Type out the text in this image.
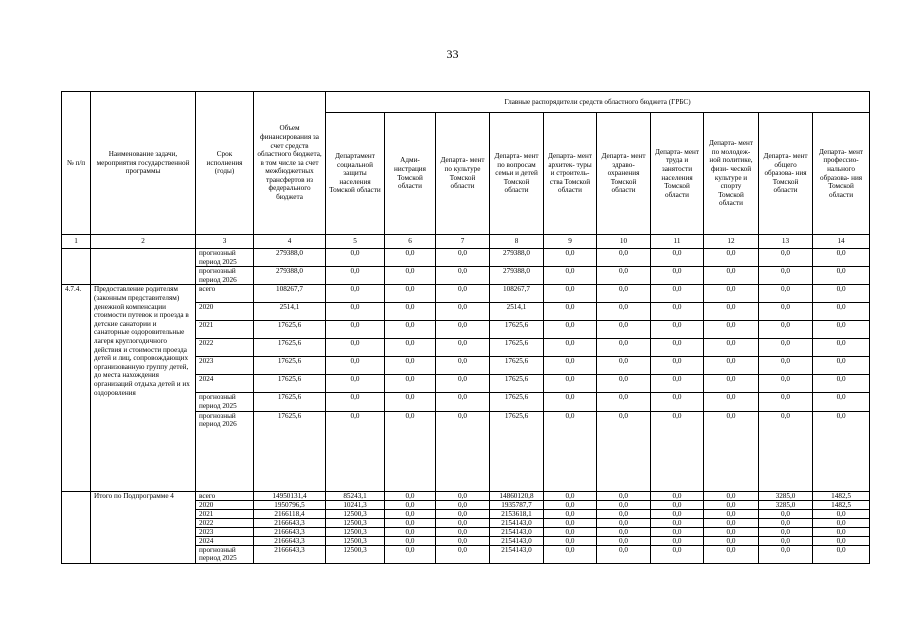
33
№ п/п	Наименование задачи, мероприятия государственной программы	Срок исполнения (годы)	Объем финансирования за счет средств областного бюджета, в том числе за счет межбюджетных трансфертов из федерального бюджета	Главные распорядители средств областного бюджета (ГРБС)									
				Департамент социальной защиты населения Томской области	Адми- нистрация Томской области	Департа- мент по культуре Томской области	Департа- мент по вопросам семьи и детей Томской области	Департа- мент архитек- туры и строитель- ства Томской области	Департа- мент здраво- охранения Томской области	Департа- мент труда и занятости населения Томской области	Департа- мент по молодеж- ной политике, физи- ческой культуре и спорту Томской области	Департа- мент общего образова- ния Томской области	Департа- мент профессио- нального образова- ния Томской области
1	2	3	4	5	6	7	8	9	10	11	12	13	14
		прогнозный период 2025	279388,0	0,0	0,0	0,0	279388,0	0,0	0,0	0,0	0,0	0,0	0,0
		прогнозный период 2026	279388,0	0,0	0,0	0,0	279388,0	0,0	0,0	0,0	0,0	0,0	0,0
4.7.4.	Предоставление родителям (законным представителям) денежной компенсации стоимости путевок и проезда в детские санатории и санаторные оздоровительные лагеря круглогодичного действия и стоимости проезда детей и лиц, сопровождающих организованную группу детей, до места нахождения организаций отдыха детей и их оздоровления	всего	108267,7	0,0	0,0	0,0	108267,7	0,0	0,0	0,0	0,0	0,0	0,0
		2020	2514,1	0,0	0,0	0,0	2514,1	0,0	0,0	0,0	0,0	0,0	0,0
		2021	17625,6	0,0	0,0	0,0	17625,6	0,0	0,0	0,0	0,0	0,0	0,0
		2022	17625,6	0,0	0,0	0,0	17625,6	0,0	0,0	0,0	0,0	0,0	0,0
		2023	17625,6	0,0	0,0	0,0	17625,6	0,0	0,0	0,0	0,0	0,0	0,0
		2024	17625,6	0,0	0,0	0,0	17625,6	0,0	0,0	0,0	0,0	0,0	0,0
		прогнозный период 2025	17625,6	0,0	0,0	0,0	17625,6	0,0	0,0	0,0	0,0	0,0	0,0
		прогнозный период 2026	17625,6	0,0	0,0	0,0	17625,6	0,0	0,0	0,0	0,0	0,0	0,0
	Итого по Подпрограмме 4	всего	14950131,4	85243,1	0,0	0,0	14860120,8	0,0	0,0	0,0	0,0	3285,0	1482,5
		2020	1950796,5	10241,3	0,0	0,0	1935787,7	0,0	0,0	0,0	0,0	3285,0	1482,5
		2021	2166118,4	12500,3	0,0	0,0	2153618,1	0,0	0,0	0,0	0,0	0,0	0,0
		2022	2166643,3	12500,3	0,0	0,0	2154143,0	0,0	0,0	0,0	0,0	0,0	0,0
		2023	2166643,3	12500,3	0,0	0,0	2154143,0	0,0	0,0	0,0	0,0	0,0	0,0
		2024	2166643,3	12500,3	0,0	0,0	2154143,0	0,0	0,0	0,0	0,0	0,0	0,0
		прогнозный период 2025	2166643,3	12500,3	0,0	0,0	2154143,0	0,0	0,0	0,0	0,0	0,0	0,0
